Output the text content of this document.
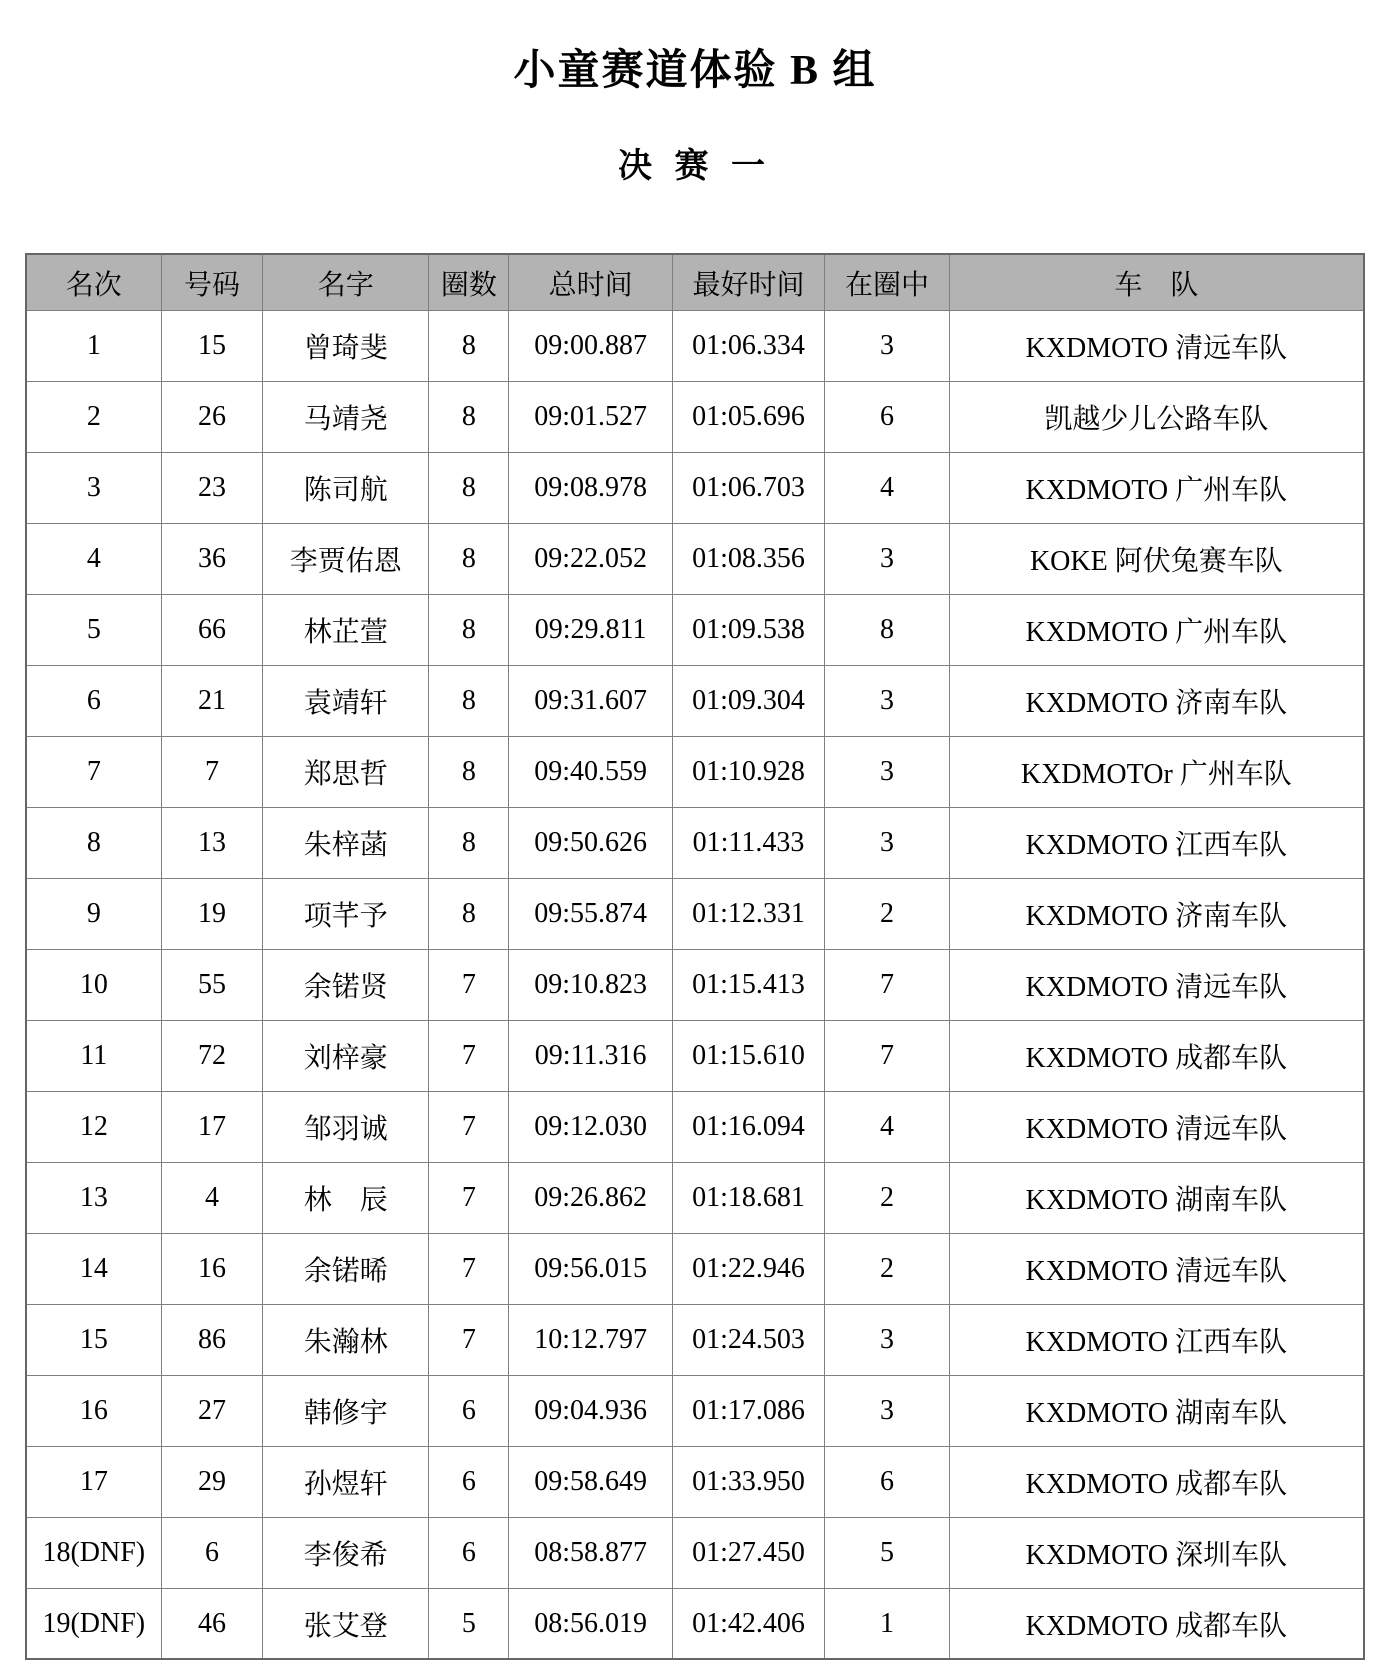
小童赛道体验 B 组
决 赛 一
名次	号码	名字	圈数	总时间	最好时间	在圈中	车　队
1	15	曾琦斐	8	09:00.887	01:06.334	3	KXDMOTO 清远车队
2	26	马靖尧	8	09:01.527	01:05.696	6	凯越少儿公路车队
3	23	陈司航	8	09:08.978	01:06.703	4	KXDMOTO 广州车队
4	36	李贾佑恩	8	09:22.052	01:08.356	3	KOKE 阿伏兔赛车队
5	66	林芷萱	8	09:29.811	01:09.538	8	KXDMOTO 广州车队
6	21	袁靖轩	8	09:31.607	01:09.304	3	KXDMOTO 济南车队
7	7	郑思哲	8	09:40.559	01:10.928	3	KXDMOTOr 广州车队
8	13	朱梓菡	8	09:50.626	01:11.433	3	KXDMOTO 江西车队
9	19	项芊予	8	09:55.874	01:12.331	2	KXDMOTO 济南车队
10	55	余锘贤	7	09:10.823	01:15.413	7	KXDMOTO 清远车队
11	72	刘梓豪	7	09:11.316	01:15.610	7	KXDMOTO 成都车队
12	17	邹羽诚	7	09:12.030	01:16.094	4	KXDMOTO 清远车队
13	4	林　辰	7	09:26.862	01:18.681	2	KXDMOTO 湖南车队
14	16	余锘晞	7	09:56.015	01:22.946	2	KXDMOTO 清远车队
15	86	朱瀚林	7	10:12.797	01:24.503	3	KXDMOTO 江西车队
16	27	韩修宇	6	09:04.936	01:17.086	3	KXDMOTO 湖南车队
17	29	孙煜轩	6	09:58.649	01:33.950	6	KXDMOTO 成都车队
18(DNF)	6	李俊希	6	08:58.877	01:27.450	5	KXDMOTO 深圳车队
19(DNF)	46	张艾登	5	08:56.019	01:42.406	1	KXDMOTO 成都车队
